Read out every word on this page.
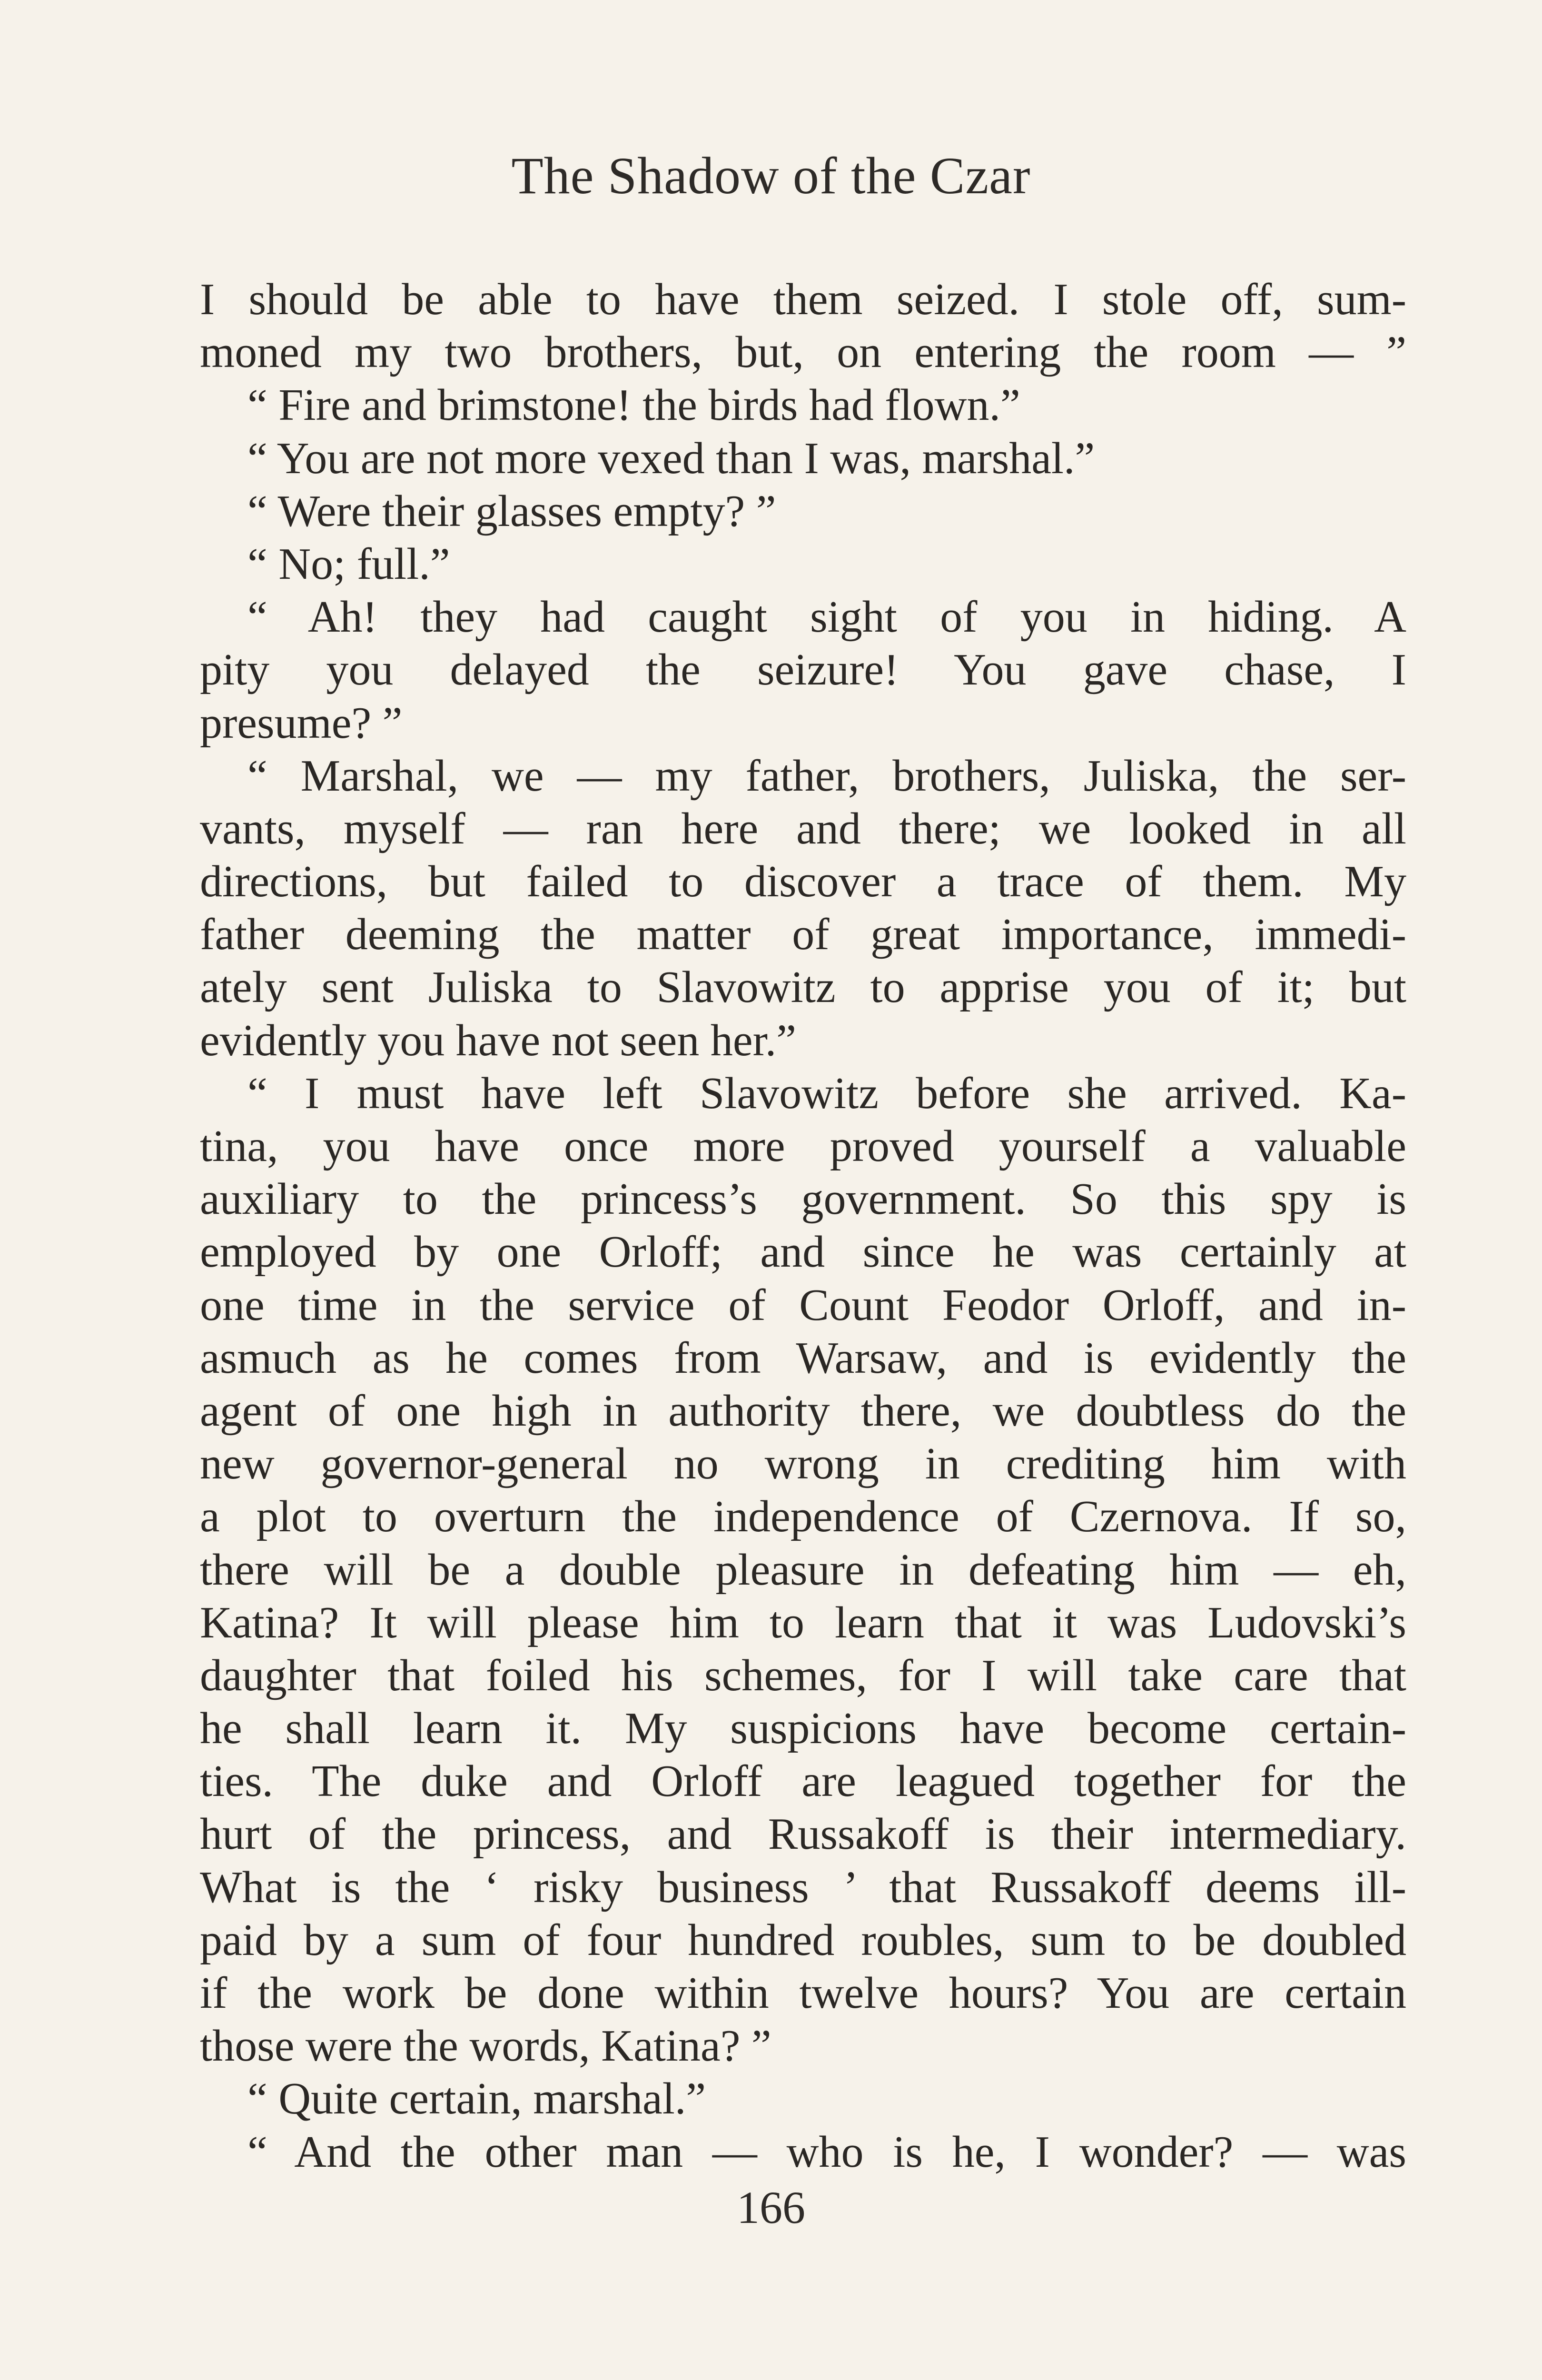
The Shadow of the Czar
I should be able to have them seized. I stole off, sum-
moned my two brothers, but, on entering the room — ”
“ Fire and brimstone! the birds had flown.”
“ You are not more vexed than I was, marshal.”
“ Were their glasses empty? ”
“ No; full.”
“ Ah! they had caught sight of you in hiding. A
pity you delayed the seizure! You gave chase, I
presume? ”
“ Marshal, we — my father, brothers, Juliska, the ser-
vants, myself — ran here and there; we looked in all
directions, but failed to discover a trace of them. My
father deeming the matter of great importance, immedi-
ately sent Juliska to Slavowitz to apprise you of it; but
evidently you have not seen her.”
“ I must have left Slavowitz before she arrived. Ka-
tina, you have once more proved yourself a valuable
auxiliary to the princess’s government. So this spy is
employed by one Orloff; and since he was certainly at
one time in the service of Count Feodor Orloff, and in-
asmuch as he comes from Warsaw, and is evidently the
agent of one high in authority there, we doubtless do the
new governor-general no wrong in crediting him with
a plot to overturn the independence of Czernova. If so,
there will be a double pleasure in defeating him — eh,
Katina? It will please him to learn that it was Ludovski’s
daughter that foiled his schemes, for I will take care that
he shall learn it. My suspicions have become certain-
ties. The duke and Orloff are leagued together for the
hurt of the princess, and Russakoff is their intermediary.
What is the ‘ risky business ’ that Russakoff deems ill-
paid by a sum of four hundred roubles, sum to be doubled
if the work be done within twelve hours? You are certain
those were the words, Katina? ”
“ Quite certain, marshal.”
“ And the other man — who is he, I wonder? — was
166
